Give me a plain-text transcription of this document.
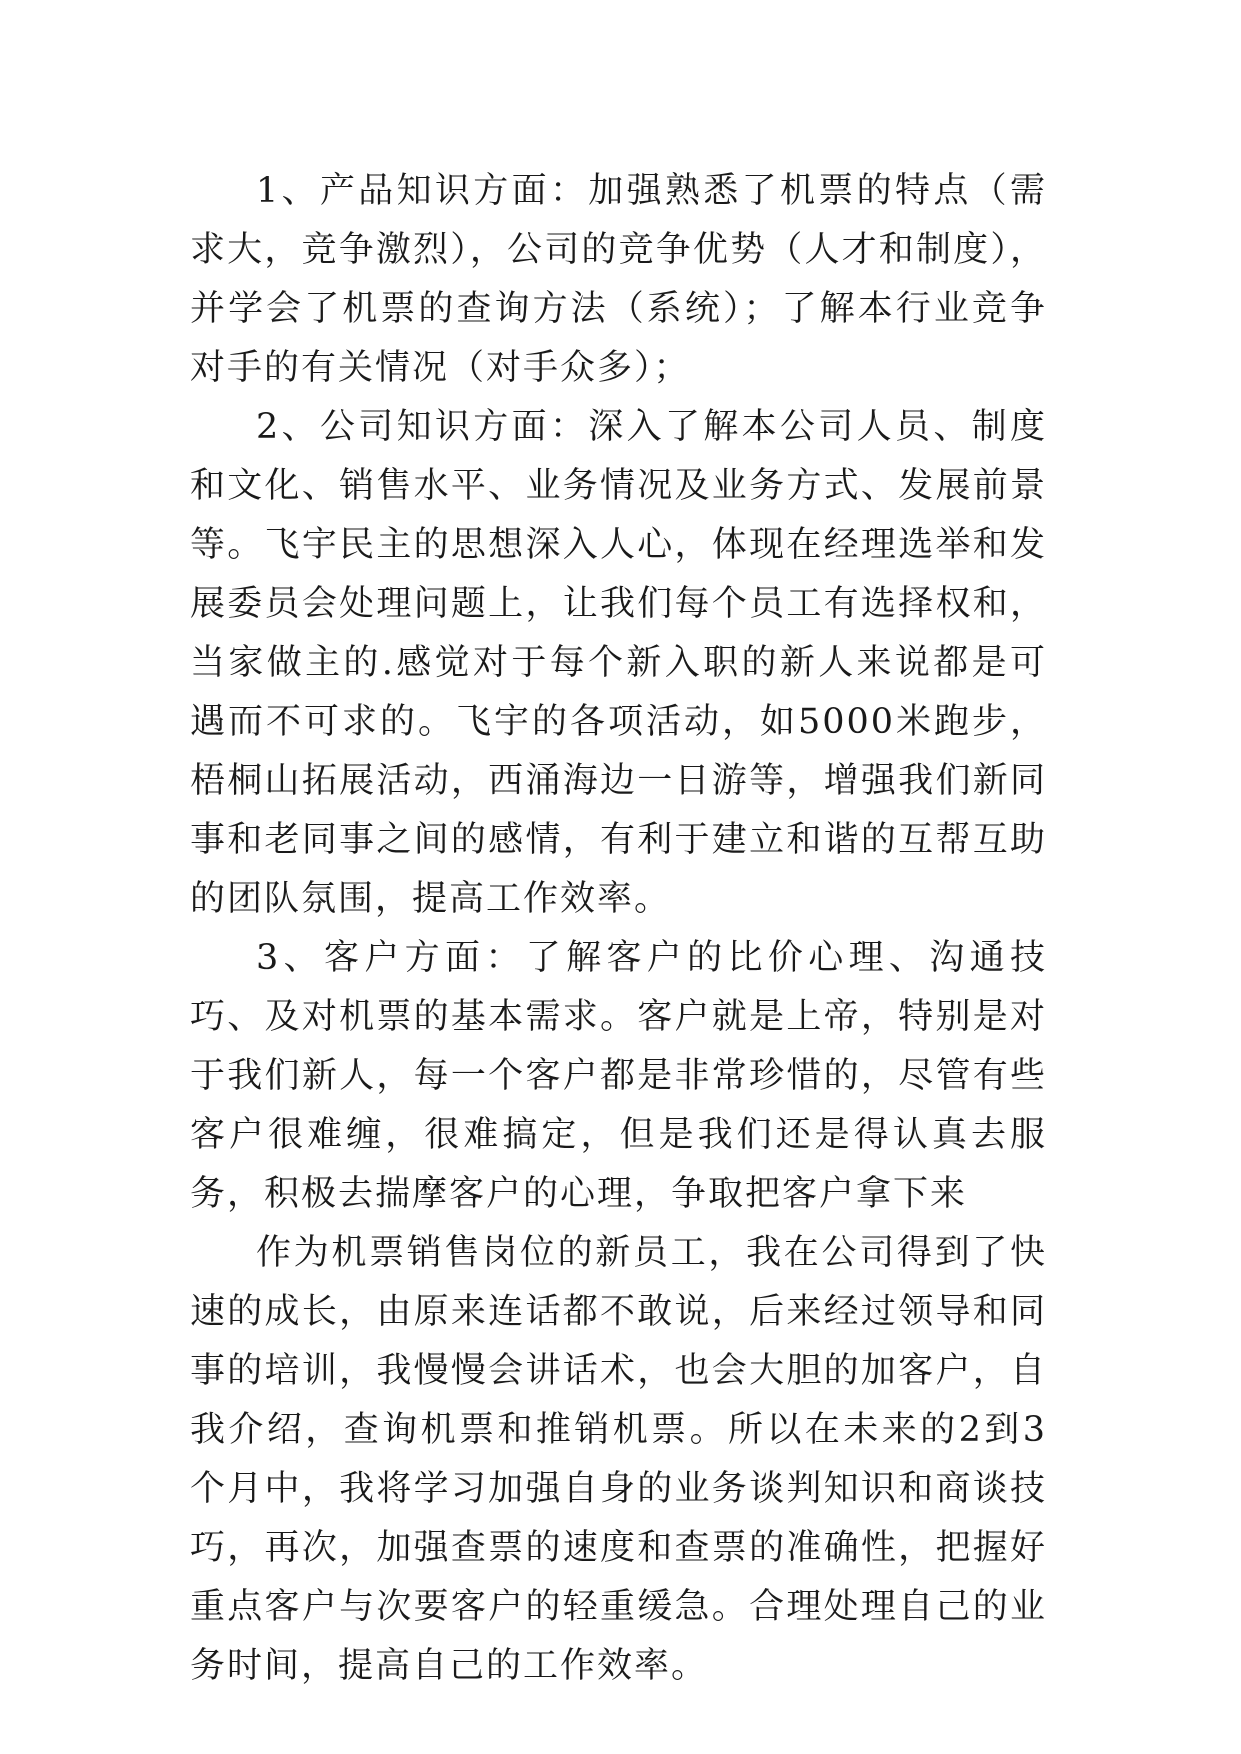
1、产品知识方面：加强熟悉了机票的特点（需求大，竞争激烈），公司的竞争优势（人才和制度），并学会了机票的查询方法（系统）；了解本行业竞争对手的有关情况（对手众多）；

2、公司知识方面：深入了解本公司人员、制度和文化、销售水平、业务情况及业务方式、发展前景等。飞宇民主的思想深入人心，体现在经理选举和发展委员会处理问题上，让我们每个员工有选择权和，当家做主的.感觉对于每个新入职的新人来说都是可遇而不可求的。飞宇的各项活动，如5000米跑步，梧桐山拓展活动，西涌海边一日游等，增强我们新同事和老同事之间的感情，有利于建立和谐的互帮互助的团队氛围，提高工作效率。

3、客户方面：了解客户的比价心理、沟通技巧、及对机票的基本需求。客户就是上帝，特别是对于我们新人，每一个客户都是非常珍惜的，尽管有些客户很难缠，很难搞定，但是我们还是得认真去服务，积极去揣摩客户的心理，争取把客户拿下来

作为机票销售岗位的新员工，我在公司得到了快速的成长，由原来连话都不敢说，后来经过领导和同事的培训，我慢慢会讲话术，也会大胆的加客户，自我介绍，查询机票和推销机票。所以在未来的2到3个月中，我将学习加强自身的业务谈判知识和商谈技巧，再次，加强查票的速度和查票的准确性，把握好重点客户与次要客户的轻重缓急。合理处理自己的业务时间，提高自己的工作效率。
